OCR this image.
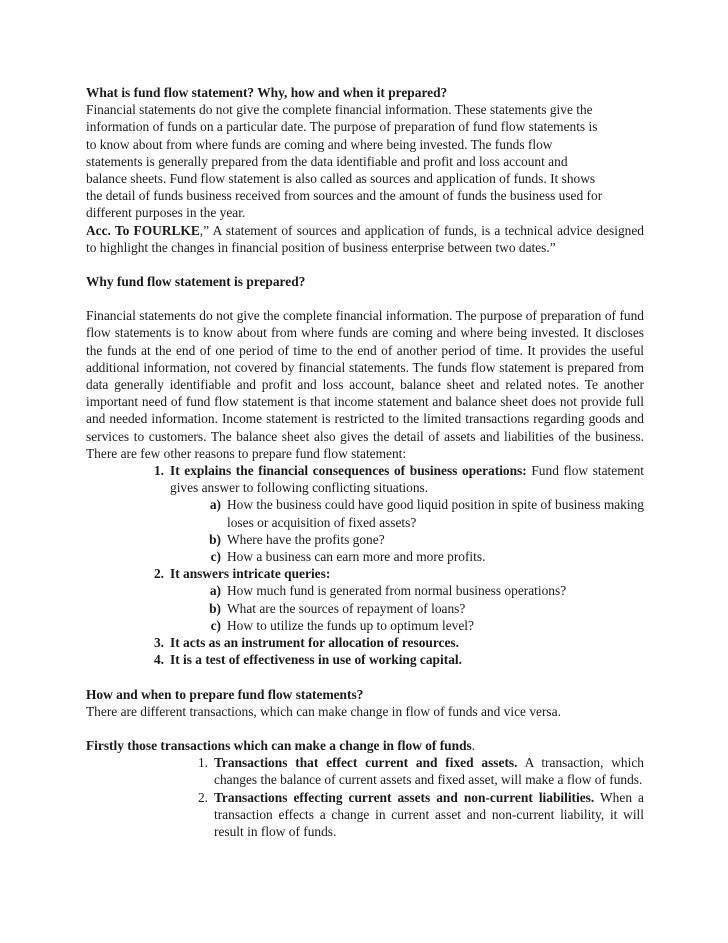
What is fund flow statement? Why, how and when it prepared?

Financial statements do not give the complete financial information. These statements give the

information of funds on a particular date. The purpose of preparation of fund flow statements is

to know about from where funds are coming and where being invested. The funds flow

statements is generally prepared from the data identifiable and profit and loss account and

balance sheets. Fund flow statement is also called as sources and application of funds. It shows

the detail of funds business received from sources and the amount of funds the business used for

different purposes in the year.

Acc. To FOURLKE,” A statement of sources and application of funds, is a technical advice designed to highlight the changes in financial position of business enterprise between two dates.”

Why fund flow statement is prepared?

Financial statements do not give the complete financial information. The purpose of preparation of fund flow statements is to know about from where funds are coming and where being invested. It discloses the funds at the end of one period of time to the end of another period of time. It provides the useful additional information, not covered by financial statements. The funds flow statement is prepared from data generally identifiable and profit and loss account, balance sheet and related notes. Te another important need of fund flow statement is that income statement and balance sheet does not provide full and needed information. Income statement is restricted to the limited transactions regarding goods and services to customers. The balance sheet also gives the detail of assets and liabilities of the business. There are few other reasons to prepare fund flow statement:

1. It explains the financial consequences of business operations: Fund flow statement gives answer to following conflicting situations.
a) How the business could have good liquid position in spite of business making loses or acquisition of fixed assets?
b) Where have the profits gone?
c) How a business can earn more and more profits.
2. It answers intricate queries:
a) How much fund is generated from normal business operations?
b) What are the sources of repayment of loans?
c) How to utilize the funds up to optimum level?
3. It acts as an instrument for allocation of resources.
4. It is a test of effectiveness in use of working capital.

How and when to prepare fund flow statements?

There are different transactions, which can make change in flow of funds and vice versa.

Firstly those transactions which can make a change in flow of funds.

1. Transactions that effect current and fixed assets. A transaction, which changes the balance of current assets and fixed asset, will make a flow of funds.
2. Transactions effecting current assets and non-current liabilities. When a transaction effects a change in current asset and non-current liability, it will result in flow of funds.
